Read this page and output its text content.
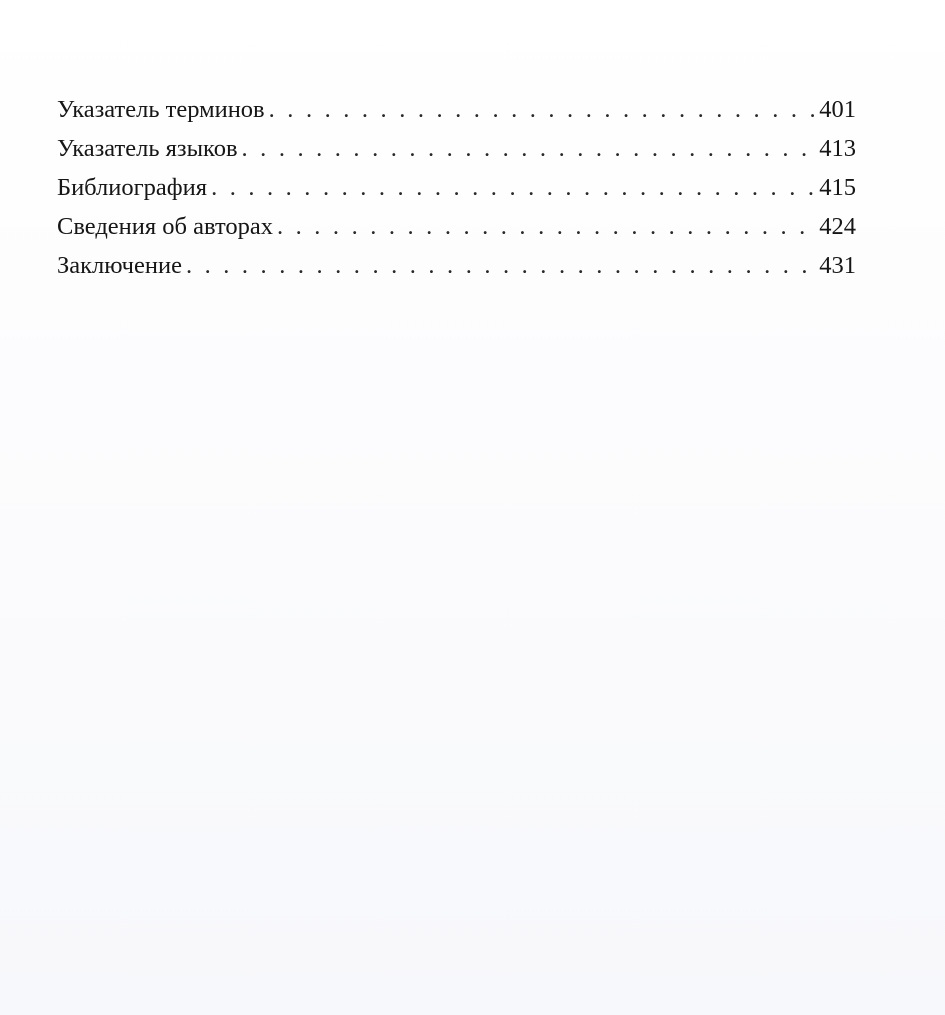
Указатель терминов . . .	401
Указатель языков . . .	413
Библиография . . .	415
Сведения об авторах . . .	424
Заключение . . .	431
